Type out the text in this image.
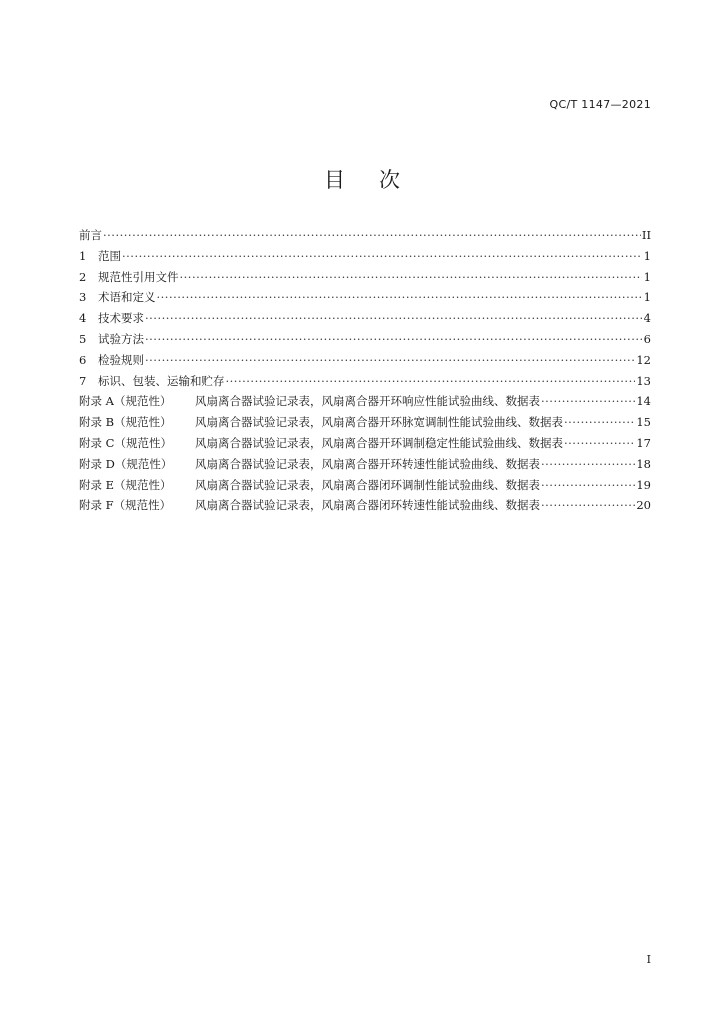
QC/T 1147—2021
目 次
前言 ·····	II
1	范围 ·····	1
2	规范性引用文件 ·····	1
3	术语和定义 ·····	1
4	技术要求 ·····	4
5	试验方法 ·····	6
6	检验规则 ·····	12
7	标识、包装、运输和贮存 ·····	13
附录 A（规范性）	风扇离合器试验记录表，风扇离合器开环响应性能试验曲线、数据表 ·····	14
附录 B（规范性）	风扇离合器试验记录表，风扇离合器开环脉宽调制性能试验曲线、数据表 ·····	15
附录 C（规范性）	风扇离合器试验记录表，风扇离合器开环调制稳定性能试验曲线、数据表 ·····	17
附录 D（规范性）	风扇离合器试验记录表，风扇离合器开环转速性能试验曲线、数据表 ·····	18
附录 E（规范性）	风扇离合器试验记录表，风扇离合器闭环调制性能试验曲线、数据表 ·····	19
附录 F（规范性）	风扇离合器试验记录表，风扇离合器闭环转速性能试验曲线、数据表 ·····	20
I
